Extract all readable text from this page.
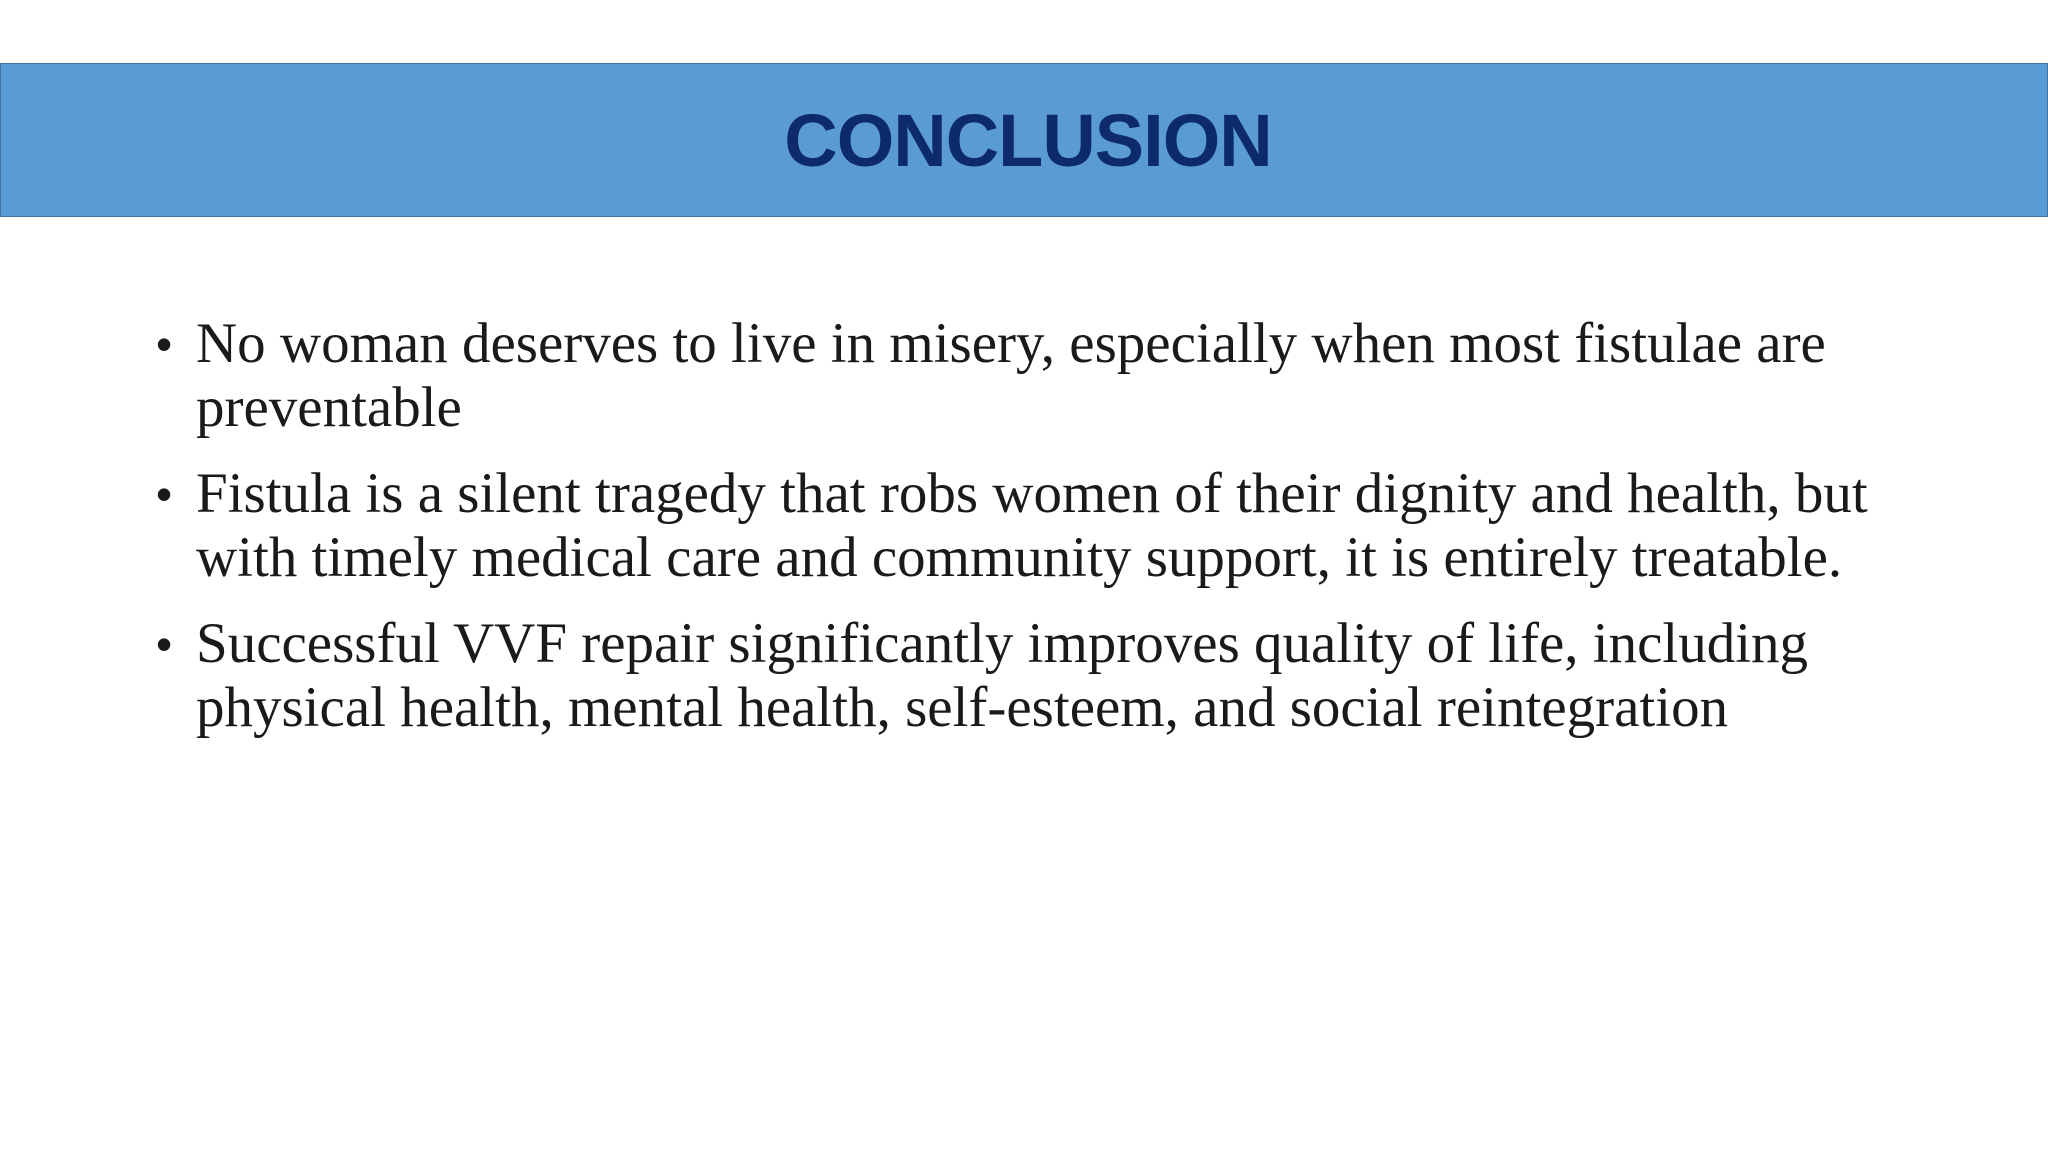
CONCLUSION
• No woman deserves to live in misery, especially when most fistulae are preventable
• Fistula is a silent tragedy that robs women of their dignity and health, but with timely medical care and community support, it is entirely treatable.
• Successful VVF repair significantly improves quality of life, including physical health, mental health, self-esteem, and social reintegration
